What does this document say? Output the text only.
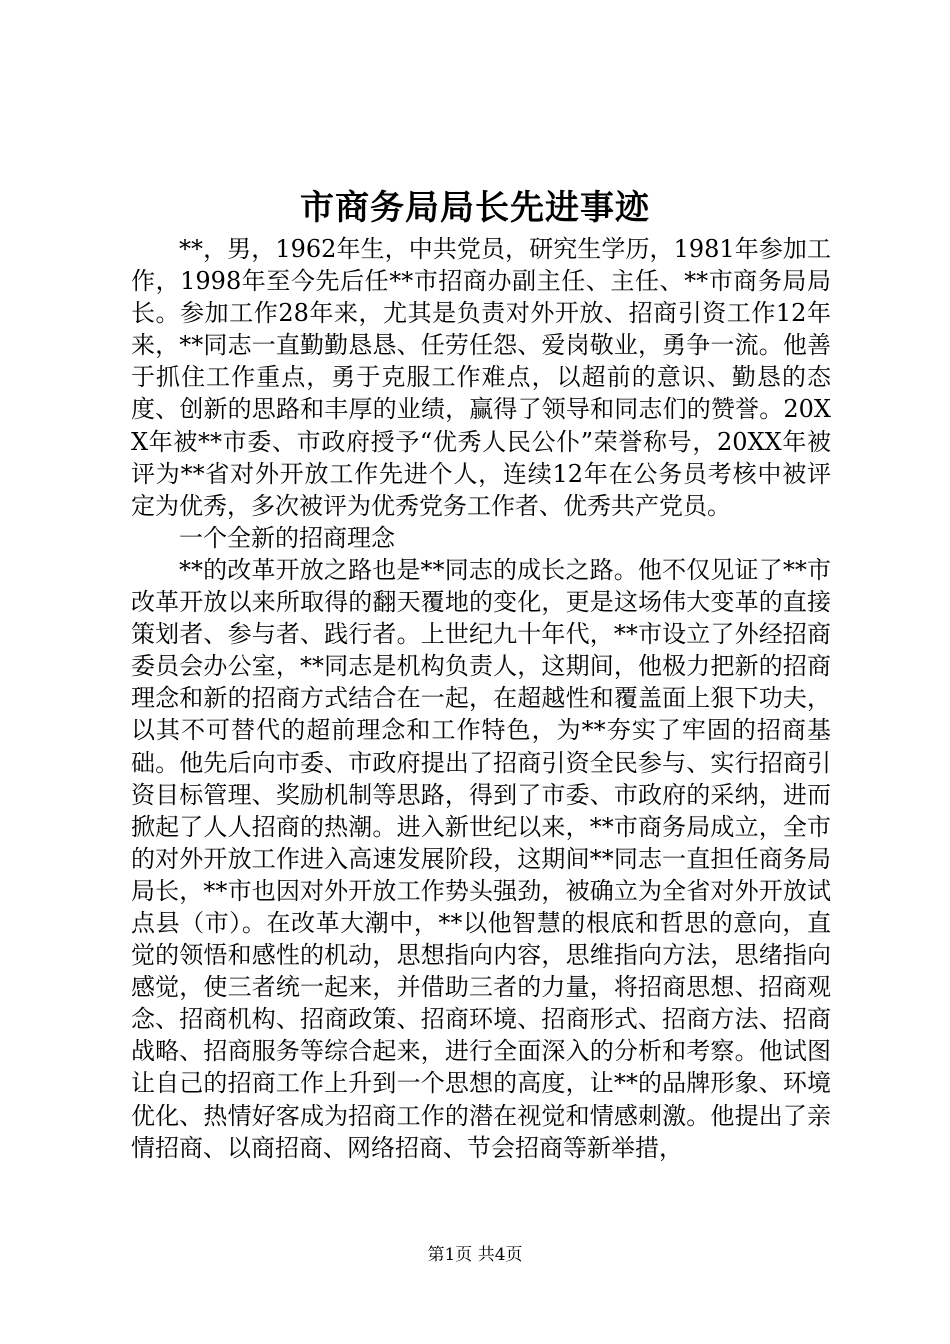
市商务局局长先进事迹

**，男，1962年生，中共党员，研究生学历，1981年参加工作，1998年至今先后任**市招商办副主任、主任、**市商务局局长。参加工作28年来，尤其是负责对外开放、招商引资工作12年来，**同志一直勤勤恳恳、任劳任怨、爱岗敬业，勇争一流。他善于抓住工作重点，勇于克服工作难点，以超前的意识、勤恳的态度、创新的思路和丰厚的业绩，赢得了领导和同志们的赞誉。20XX年被**市委、市政府授予“优秀人民公仆”荣誉称号，20XX年被评为**省对外开放工作先进个人，连续12年在公务员考核中被评定为优秀，多次被评为优秀党务工作者、优秀共产党员。

一个全新的招商理念

**的改革开放之路也是**同志的成长之路。他不仅见证了**市改革开放以来所取得的翻天覆地的变化，更是这场伟大变革的直接策划者、参与者、践行者。上世纪九十年代，**市设立了外经招商委员会办公室，**同志是机构负责人，这期间，他极力把新的招商理念和新的招商方式结合在一起，在超越性和覆盖面上狠下功夫，以其不可替代的超前理念和工作特色，为**夯实了牢固的招商基础。他先后向市委、市政府提出了招商引资全民参与、实行招商引资目标管理、奖励机制等思路，得到了市委、市政府的采纳，进而掀起了人人招商的热潮。进入新世纪以来，**市商务局成立，全市的对外开放工作进入高速发展阶段，这期间**同志一直担任商务局局长，**市也因对外开放工作势头强劲，被确立为全省对外开放试点县（市）。在改革大潮中，**以他智慧的根底和哲思的意向，直觉的领悟和感性的机动，思想指向内容，思维指向方法，思绪指向感觉，使三者统一起来，并借助三者的力量，将招商思想、招商观念、招商机构、招商政策、招商环境、招商形式、招商方法、招商战略、招商服务等综合起来，进行全面深入的分析和考察。他试图让自己的招商工作上升到一个思想的高度，让**的品牌形象、环境优化、热情好客成为招商工作的潜在视觉和情感刺激。他提出了亲情招商、以商招商、网络招商、节会招商等新举措，

第1页 共4页
